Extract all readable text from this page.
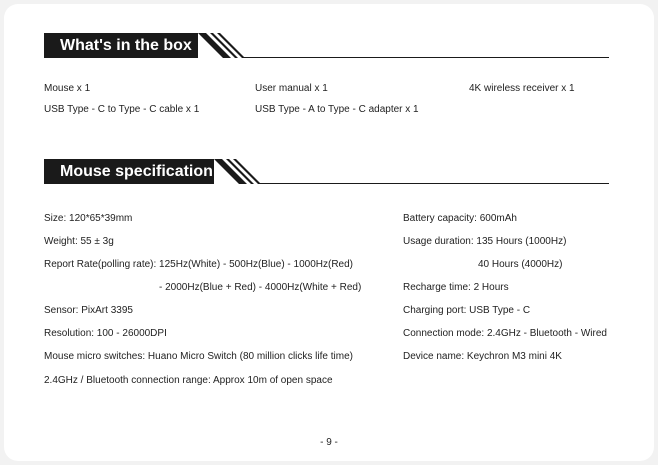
What's in the box
Mouse x 1	User manual x 1	4K wireless receiver x 1
USB Type - C to Type - C cable x 1	USB Type - A to Type - C adapter x 1
Mouse specification
Size: 120*65*39mm
Weight: 55 ± 3g
Report Rate(polling rate): 125Hz(White) - 500Hz(Blue) - 1000Hz(Red)
- 2000Hz(Blue + Red) - 4000Hz(White + Red)
Sensor: PixArt 3395
Resolution: 100 - 26000DPI
Mouse micro switches: Huano Micro Switch (80 million clicks life time)
2.4GHz / Bluetooth connection range: Approx 10m of open space
Battery capacity: 600mAh
Usage duration: 135 Hours (1000Hz)
40 Hours (4000Hz)
Recharge time: 2 Hours
Charging port: USB Type - C
Connection mode: 2.4GHz - Bluetooth - Wired
Device name: Keychron M3 mini 4K
- 9 -
